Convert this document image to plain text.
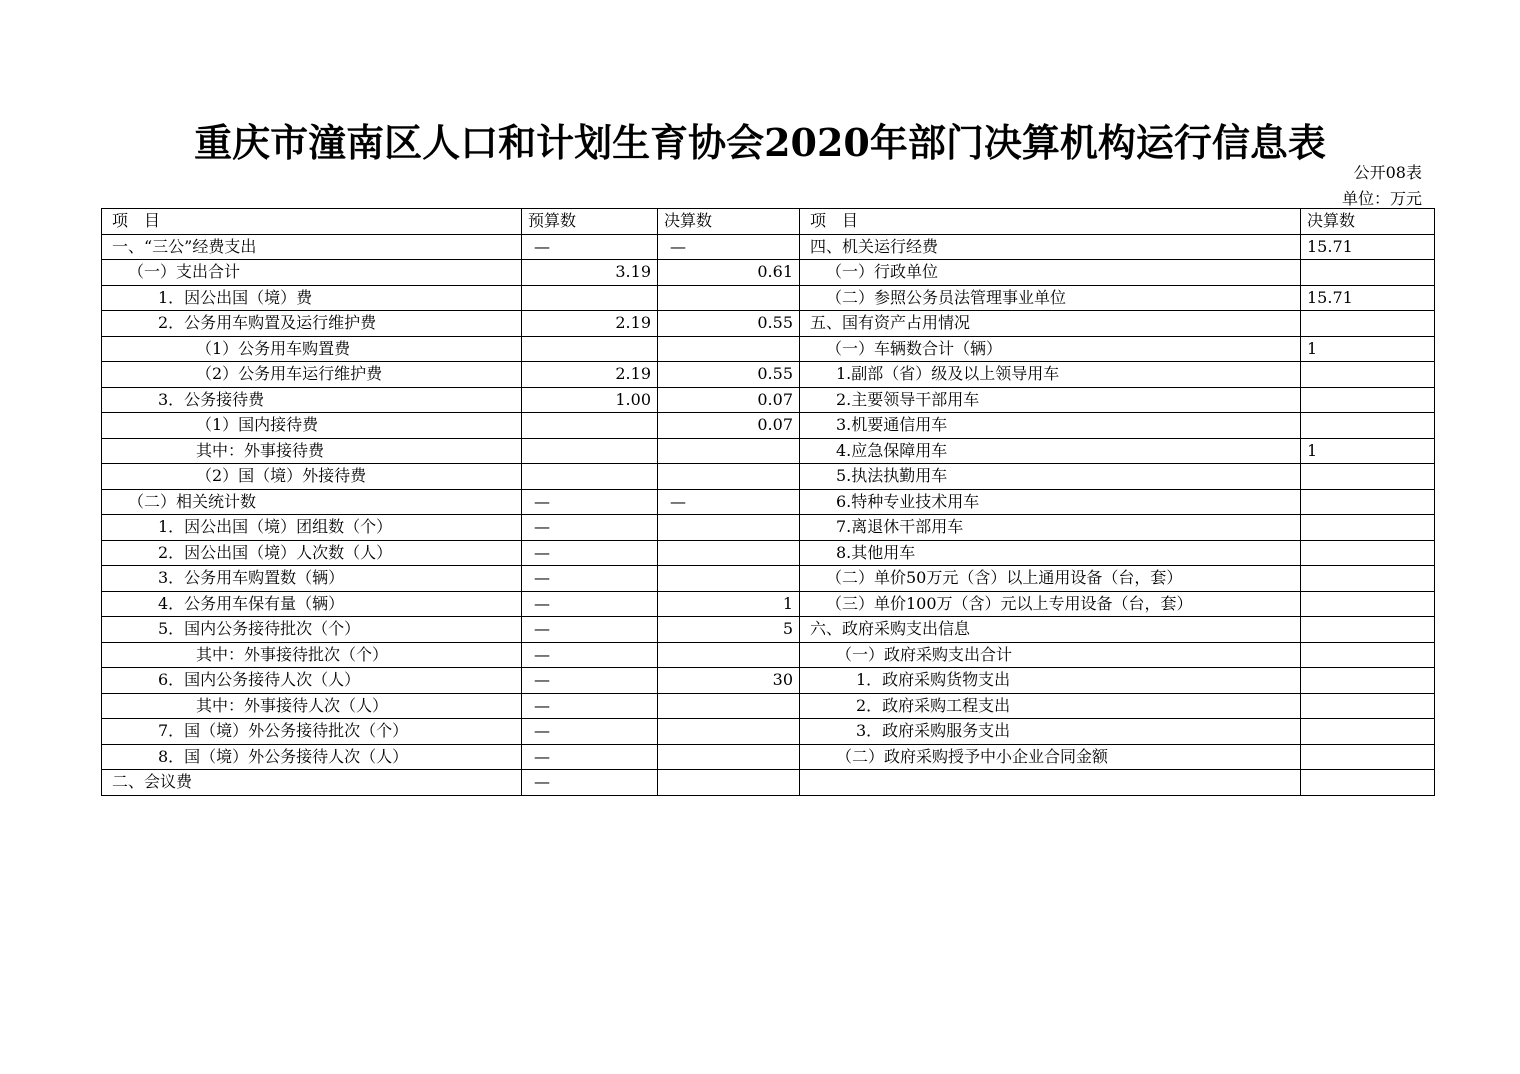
重庆市潼南区人口和计划生育协会2020年部门决算机构运行信息表
公开08表
单位：万元
项　目	预算数	决算数	项　目	决算数
一、“三公”经费支出	—	—	四、机关运行经费	15.71
（一）支出合计	3.19	0.61	（一）行政单位	
1．因公出国（境）费			（二）参照公务员法管理事业单位	15.71
2．公务用车购置及运行维护费	2.19	0.55	五、国有资产占用情况	
（1）公务用车购置费			（一）车辆数合计（辆）	1
（2）公务用车运行维护费	2.19	0.55	1.副部（省）级及以上领导用车	
3．公务接待费	1.00	0.07	2.主要领导干部用车	
（1）国内接待费		0.07	3.机要通信用车	
其中：外事接待费			4.应急保障用车	1
（2）国（境）外接待费			5.执法执勤用车	
（二）相关统计数	—	—	6.特种专业技术用车	
1．因公出国（境）团组数（个）	—		7.离退休干部用车	
2．因公出国（境）人次数（人）	—		8.其他用车	
3．公务用车购置数（辆）	—		（二）单价50万元（含）以上通用设备（台，套）	
4．公务用车保有量（辆）	—	1	（三）单价100万（含）元以上专用设备（台，套）	
5．国内公务接待批次（个）	—	5	六、政府采购支出信息	
其中：外事接待批次（个）	—		（一）政府采购支出合计	
6．国内公务接待人次（人）	—	30	1．政府采购货物支出	
其中：外事接待人次（人）	—		2．政府采购工程支出	
7．国（境）外公务接待批次（个）	—		3．政府采购服务支出	
8．国（境）外公务接待人次（人）	—		（二）政府采购授予中小企业合同金额	
二、会议费	—			
